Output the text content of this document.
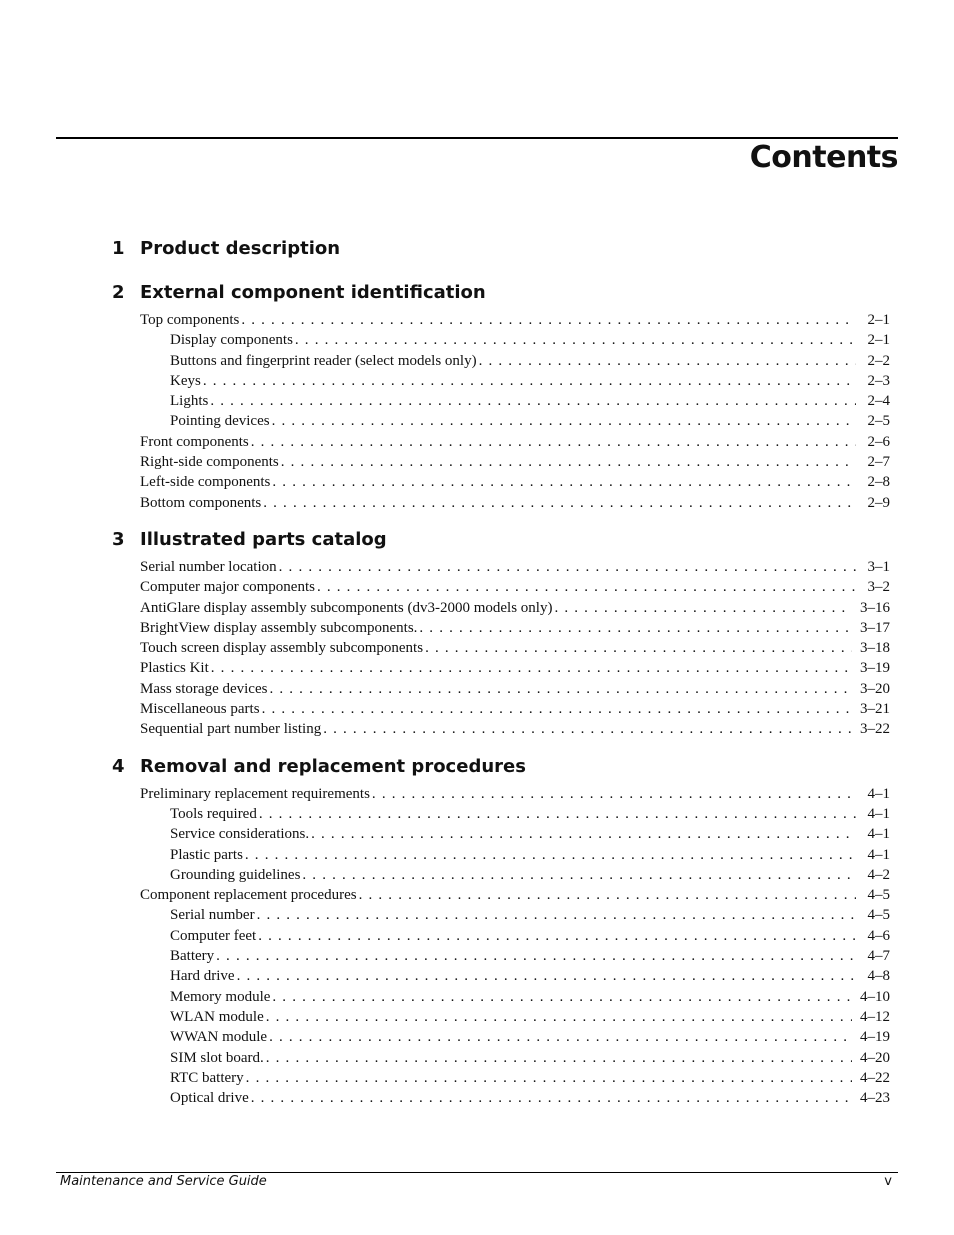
Contents
1 Product description
2 External component identification
Top components . . .	2–1
Display components . . .	2–1
Buttons and fingerprint reader (select models only) . . .	2–2
Keys . . .	2–3
Lights . . .	2–4
Pointing devices . . .	2–5
Front components . . .	2–6
Right-side components . . .	2–7
Left-side components . . .	2–8
Bottom components . . .	2–9
3 Illustrated parts catalog
Serial number location . . .	3–1
Computer major components . . .	3–2
AntiGlare display assembly subcomponents (dv3-2000 models only) . . .	3–16
BrightView display assembly subcomponents. . . .	3–17
Touch screen display assembly subcomponents . . .	3–18
Plastics Kit . . .	3–19
Mass storage devices . . .	3–20
Miscellaneous parts . . .	3–21
Sequential part number listing . . .	3–22
4 Removal and replacement procedures
Preliminary replacement requirements . . .	4–1
Tools required . . .	4–1
Service considerations. . . .	4–1
Plastic parts . . .	4–1
Grounding guidelines . . .	4–2
Component replacement procedures . . .	4–5
Serial number . . .	4–5
Computer feet . . .	4–6
Battery . . .	4–7
Hard drive . . .	4–8
Memory module . . .	4–10
WLAN module . . .	4–12
WWAN module . . .	4–19
SIM slot board. . . .	4–20
RTC battery . . .	4–22
Optical drive . . .	4–23
Maintenance and Service Guide	v
